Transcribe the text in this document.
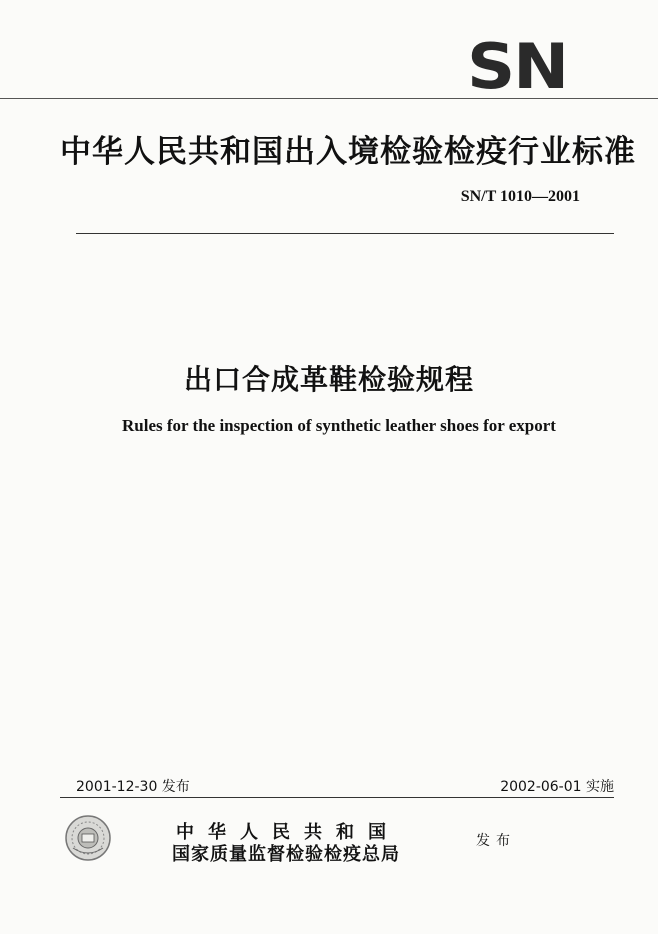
SN
中华人民共和国出入境检验检疫行业标准
SN/T 1010—2001
出口合成革鞋检验规程
Rules for the inspection of synthetic leather shoes for export
2001-12-30 发布	2002-06-01 实施
中华人民共和国
国家质量监督检验检疫总局
发布
